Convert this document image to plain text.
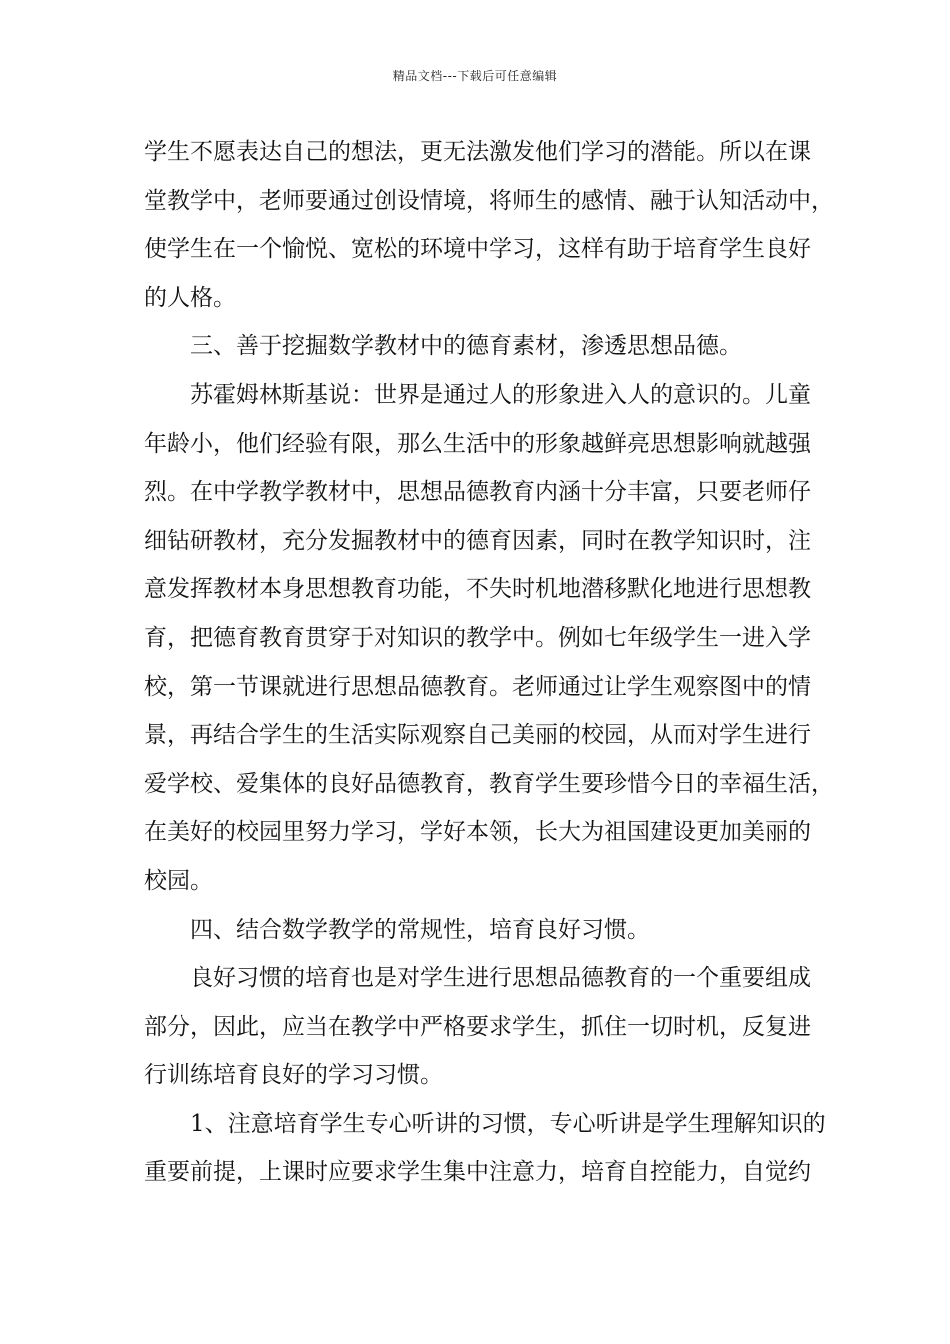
精品文档---下载后可任意编辑
学生不愿表达自己的想法，更无法激发他们学习的潜能。所以在课
堂教学中，老师要通过创设情境，将师生的感情、融于认知活动中，
使学生在一个愉悦、宽松的环境中学习，这样有助于培育学生良好
的人格。
　　三、善于挖掘数学教材中的德育素材，渗透思想品德。
　　苏霍姆林斯基说：世界是通过人的形象进入人的意识的。儿童
年龄小，他们经验有限，那么生活中的形象越鲜亮思想影响就越强
烈。在中学教学教材中，思想品德教育内涵十分丰富，只要老师仔
细钻研教材，充分发掘教材中的德育因素，同时在教学知识时，注
意发挥教材本身思想教育功能，不失时机地潜移默化地进行思想教
育，把德育教育贯穿于对知识的教学中。例如七年级学生一进入学
校，第一节课就进行思想品德教育。老师通过让学生观察图中的情
景，再结合学生的生活实际观察自己美丽的校园，从而对学生进行
爱学校、爱集体的良好品德教育，教育学生要珍惜今日的幸福生活，
在美好的校园里努力学习，学好本领，长大为祖国建设更加美丽的
校园。
　　四、结合数学教学的常规性，培育良好习惯。
　　良好习惯的培育也是对学生进行思想品德教育的一个重要组成
部分，因此，应当在教学中严格要求学生，抓住一切时机，反复进
行训练培育良好的学习习惯。
　　1、注意培育学生专心听讲的习惯，专心听讲是学生理解知识的
重要前提，上课时应要求学生集中注意力，培育自控能力，自觉约
